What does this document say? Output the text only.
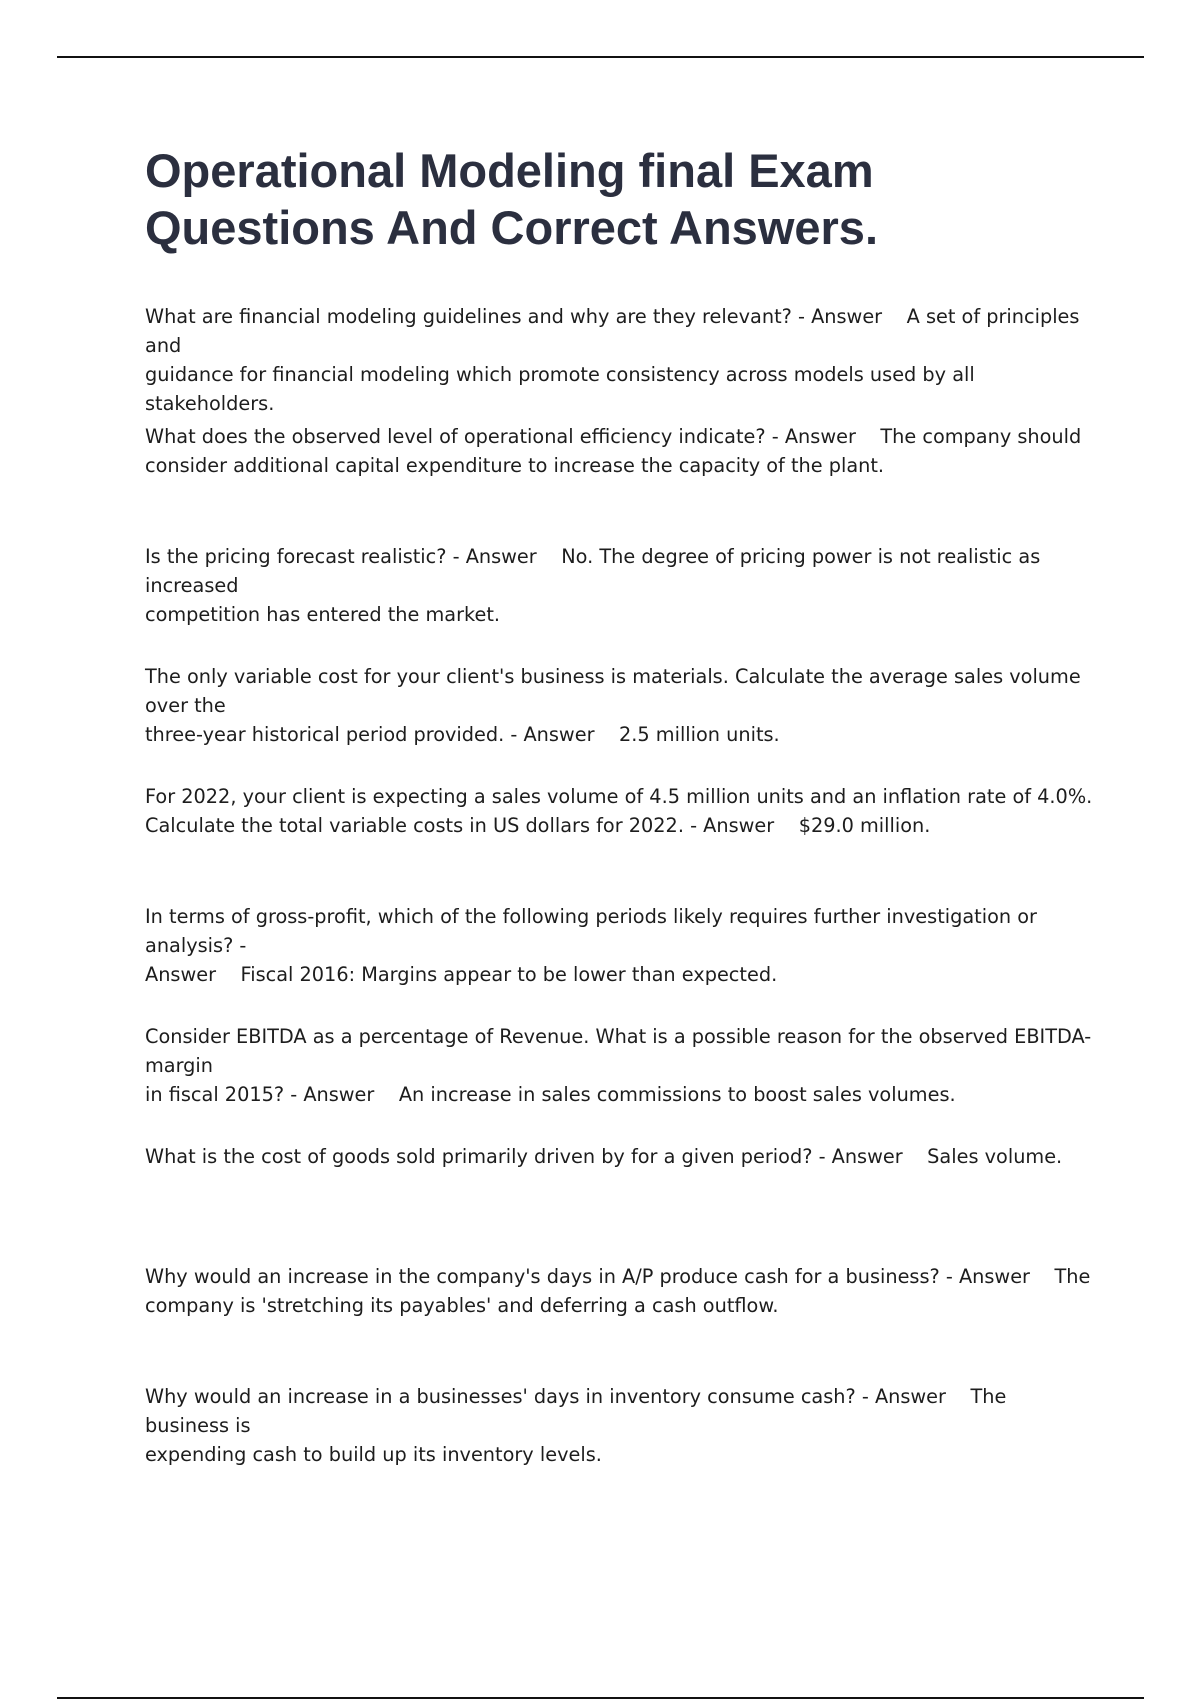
Operational Modeling final Exam
Questions And Correct Answers.
What are financial modeling guidelines and why are they relevant? - Answer    A set of principles and
guidance for financial modeling which promote consistency across models used by all stakeholders.
What does the observed level of operational efficiency indicate? - Answer    The company should
consider additional capital expenditure to increase the capacity of the plant.
Is the pricing forecast realistic? - Answer    No. The degree of pricing power is not realistic as increased
competition has entered the market.
The only variable cost for your client's business is materials. Calculate the average sales volume over the
three-year historical period provided. - Answer    2.5 million units.
For 2022, your client is expecting a sales volume of 4.5 million units and an inflation rate of 4.0%.
Calculate the total variable costs in US dollars for 2022. - Answer    $29.0 million.
In terms of gross-profit, which of the following periods likely requires further investigation or analysis? -
Answer    Fiscal 2016: Margins appear to be lower than expected.
Consider EBITDA as a percentage of Revenue. What is a possible reason for the observed EBITDA-margin
in fiscal 2015? - Answer    An increase in sales commissions to boost sales volumes.
What is the cost of goods sold primarily driven by for a given period? - Answer    Sales volume.
Why would an increase in the company's days in A/P produce cash for a business? - Answer    The
company is 'stretching its payables' and deferring a cash outflow.
Why would an increase in a businesses' days in inventory consume cash? - Answer    The business is
expending cash to build up its inventory levels.
